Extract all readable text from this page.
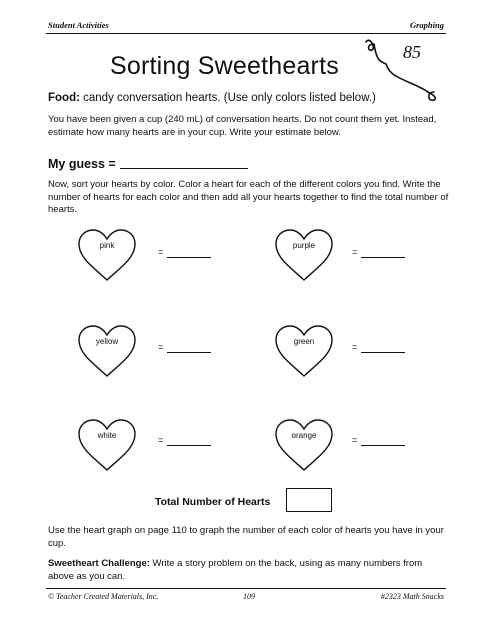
Student Activities	Graphing
85
Sorting Sweethearts
Food: candy conversation hearts. (Use only colors listed below.)
You have been given a cup (240 mL) of conversation hearts. Do not count them yet. Instead, estimate how many hearts are in your cup. Write your estimate below.
My guess =
Now, sort your hearts by color. Color a heart for each of the different colors you find. Write the number of hearts for each color and then add all your hearts together to find the total number of hearts.
pink
=
purple
=
yellow
=
green
=
white	=	orange	=
Total Number of Hearts
Use the heart graph on page 110 to graph the number of each color of hearts you have in your cup.
Sweetheart Challenge: Write a story problem on the back, using as many numbers from above as you can.
© Teacher Created Materials, Inc.	109	#2323 Math Snacks
